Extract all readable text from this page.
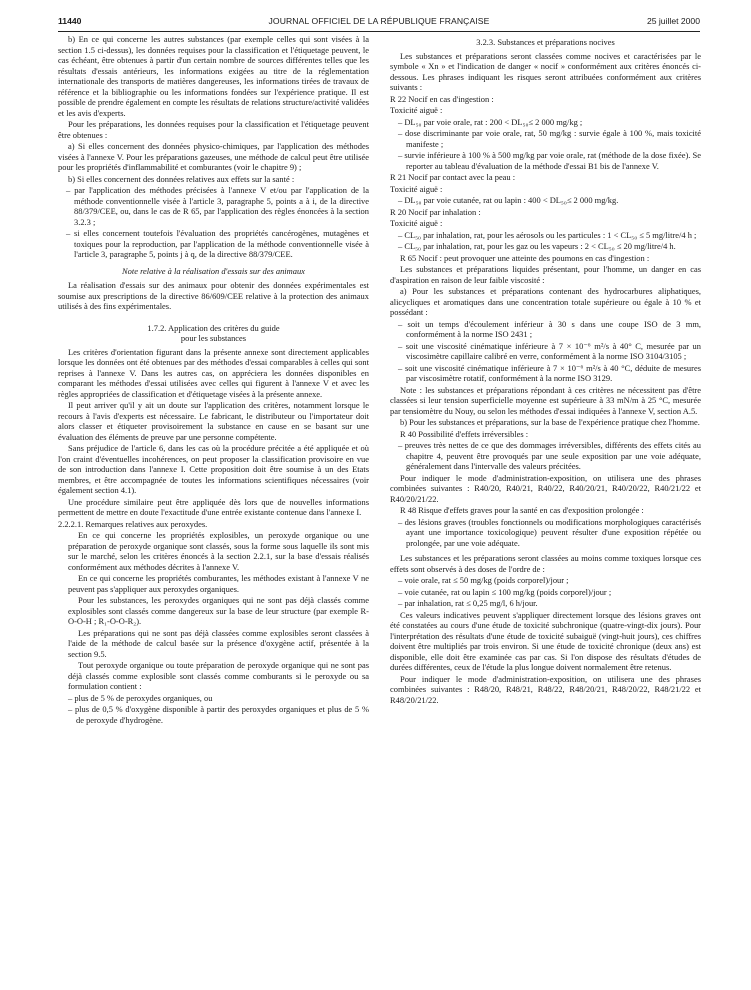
11440	JOURNAL OFFICIEL DE LA RÉPUBLIQUE FRANÇAISE	25 juillet 2000

b) En ce qui concerne les autres substances (par exemple celles qui sont visées à la section 1.5 ci-dessus), les données requises pour la classification et l'étiquetage peuvent, le cas échéant, être obtenues à partir d'un certain nombre de sources différentes telles que les résultats d'essais antérieurs, les informations exigées au titre de la réglementation internationale des transports de matières dangereuses, les informations tirées de travaux de référence et la bibliographie ou les informations fondées sur l'expérience pratique. Il est possible de prendre également en compte les résultats de relations structure/activité validées et les avis d'experts.

Pour les préparations, les données requises pour la classification et l'étiquetage peuvent être obtenues :

a) Si elles concernent des données physico-chimiques, par l'application des méthodes visées à l'annexe V. Pour les préparations gazeuses, une méthode de calcul peut être utilisée pour les propriétés d'inflammabilité et comburantes (voir le chapitre 9) ;

b) Si elles concernent des données relatives aux effets sur la santé :

– par l'application des méthodes précisées à l'annexe V et/ou par l'application de la méthode conventionnelle visée à l'article 3, paragraphe 5, points a à i, de la directive 88/379/CEE, ou, dans le cas de R 65, par l'application des règles énoncées à la section 3.2.3 ;

– si elles concernent toutefois l'évaluation des propriétés cancérogènes, mutagènes et toxiques pour la reproduction, par l'application de la méthode conventionnelle visée à l'article 3, paragraphe 5, points j à q, de la directive 88/379/CEE.

Note relative à la réalisation d'essais sur des animaux

La réalisation d'essais sur des animaux pour obtenir des données expérimentales est soumise aux prescriptions de la directive 86/609/CEE relative à la protection des animaux utilisés à des fins expérimentales.

1.7.2. Application des critères du guide
pour les substances

Les critères d'orientation figurant dans la présente annexe sont directement applicables lorsque les données ont été obtenues par des méthodes d'essai comparables à celles qui sont reprises à l'annexe V. Dans les autres cas, on appréciera les données disponibles en comparant les méthodes d'essai utilisées avec celles qui figurent à l'annexe V et avec les règles appropriées de classification et d'étiquetage visées à la présente annexe.

Il peut arriver qu'il y ait un doute sur l'application des critères, notamment lorsque le recours à l'avis d'experts est nécessaire. Le fabricant, le distributeur ou l'importateur doit alors classer et étiqueter provisoirement la substance en cause en se basant sur une évaluation des éléments de preuve par une personne compétente.

Sans préjudice de l'article 6, dans les cas où la procédure précitée a été appliquée et où l'on craint d'éventuelles incohérences, on peut proposer la classification provisoire en vue de son introduction dans l'annexe I. Cette proposition doit être soumise à un des Etats membres, et être accompagnée de toutes les informations scientifiques nécessaires (voir également section 4.1).

Une procédure similaire peut être appliquée dès lors que de nouvelles informations permettent de mettre en doute l'exactitude d'une entrée existante contenue dans l'annexe I.

2.2.2.1. Remarques relatives aux peroxydes.

En ce qui concerne les propriétés explosibles, un peroxyde organique ou une préparation de peroxyde organique sont classés, sous la forme sous laquelle ils sont mis sur le marché, selon les critères énoncés à la section 2.2.1, sur la base d'essais réalisés conformément aux méthodes décrites à l'annexe V.

En ce qui concerne les propriétés comburantes, les méthodes existant à l'annexe V ne peuvent pas s'appliquer aux peroxydes organiques.

Pour les substances, les peroxydes organiques qui ne sont pas déjà classés comme explosibles sont classés comme dangereux sur la base de leur structure (par exemple R-O-O-H ; R₁-O-O-R₂).

Les préparations qui ne sont pas déjà classées comme explosibles seront classées à l'aide de la méthode de calcul basée sur la présence d'oxygène actif, présentée à la section 9.5.

Tout peroxyde organique ou toute préparation de peroxyde organique qui ne sont pas déjà classés comme explosible sont classés comme comburants si le peroxyde ou sa formulation contient :

– plus de 5 % de peroxydes organiques, ou

– plus de 0,5 % d'oxygène disponible à partir des peroxydes organiques et plus de 5 % de peroxyde d'hydrogène.

3.2.3. Substances et préparations nocives

Les substances et préparations seront classées comme nocives et caractérisées par le symbole « Xn » et l'indication de danger « nocif » conformément aux critères énoncés ci-dessous. Les phrases indiquant les risques seront attribuées conformément aux critères suivants :

R 22 Nocif en cas d'ingestion :

Toxicité aiguë :

– DL₅₀ par voie orale, rat : 200 < DL₅₀≤ 2 000 mg/kg ;

– dose discriminante par voie orale, rat, 50 mg/kg : survie égale à 100 %, mais toxicité manifeste ;

– survie inférieure à 100 % à 500 mg/kg par voie orale, rat (méthode de la dose fixée). Se reporter au tableau d'évaluation de la méthode d'essai B1 bis de l'annexe V.

R 21 Nocif par contact avec la peau :

Toxicité aiguë :

– DL₅₀ par voie cutanée, rat ou lapin : 400 < DL₅₀≤ 2 000 mg/kg.

R 20 Nocif par inhalation :

Toxicité aiguë :

– CL₅₀ par inhalation, rat, pour les aérosols ou les particules : 1 < CL₅₀ ≤ 5 mg/litre/4 h ;

– CL₅₀ par inhalation, rat, pour les gaz ou les vapeurs : 2 < CL₅₀ ≤ 20 mg/litre/4 h.

R 65 Nocif : peut provoquer une atteinte des poumons en cas d'ingestion :

Les substances et préparations liquides présentant, pour l'homme, un danger en cas d'aspiration en raison de leur faible viscosité :

a) Pour les substances et préparations contenant des hydrocarbures aliphatiques, alicycliques et aromatiques dans une concentration totale supérieure ou égale à 10 % et possédant :

– soit un temps d'écoulement inférieur à 30 s dans une coupe ISO de 3 mm, conformément à la norme ISO 2431 ;

– soit une viscosité cinématique inférieure à 7 × 10⁻⁶ m²/s à 40° C, mesurée par un viscosimètre capillaire calibré en verre, conformément à la norme ISO 3104/3105 ;

– soit une viscosité cinématique inférieure à 7 × 10⁻⁶ m²/s à 40 °C, déduite de mesures par viscosimètre rotatif, conformément à la norme ISO 3129.

Note : les substances et préparations répondant à ces critères ne nécessitent pas d'être classées si leur tension superficielle moyenne est supérieure à 33 mN/m à 25 °C, mesurée par tensiomètre du Nouy, ou selon les méthodes d'essai indiquées à l'annexe V, section A.5.

b) Pour les substances et préparations, sur la base de l'expérience pratique chez l'homme.

R 40 Possibilité d'effets irréversibles :

– preuves très nettes de ce que des dommages irréversibles, différents des effets cités au chapitre 4, peuvent être provoqués par une seule exposition par une voie adéquate, généralement dans l'intervalle des valeurs précitées.

Pour indiquer le mode d'administration-exposition, on utilisera une des phrases combinées suivantes : R40/20, R40/21, R40/22, R40/20/21, R40/20/22, R40/21/22 et R40/20/21/22.

R 48 Risque d'effets graves pour la santé en cas d'exposition prolongée :

– des lésions graves (troubles fonctionnels ou modifications morphologiques caractérisés ayant une importance toxicologique) peuvent résulter d'une exposition répétée ou prolongée, par une voie adéquate.

Les substances et les préparations seront classées au moins comme toxiques lorsque ces effets sont observés à des doses de l'ordre de :

– voie orale, rat ≤ 50 mg/kg (poids corporel)/jour ;

– voie cutanée, rat ou lapin ≤ 100 mg/kg (poids corporel)/jour ;

– par inhalation, rat ≤ 0,25 mg/l, 6 h/jour.

Ces valeurs indicatives peuvent s'appliquer directement lorsque des lésions graves ont été constatées au cours d'une étude de toxicité subchronique (quatre-vingt-dix jours). Pour l'interprétation des résultats d'une étude de toxicité subaiguë (vingt-huit jours), ces chiffres doivent être multipliés par trois environ. Si une étude de toxicité chronique (deux ans) est disponible, elle doit être examinée cas par cas. Si l'on dispose des résultats d'études de durées différentes, ceux de l'étude la plus longue doivent normalement être retenus.

Pour indiquer le mode d'administration-exposition, on utilisera une des phrases combinées suivantes : R48/20, R48/21, R48/22, R48/20/21, R48/20/22, R48/21/22 et R48/20/21/22.
